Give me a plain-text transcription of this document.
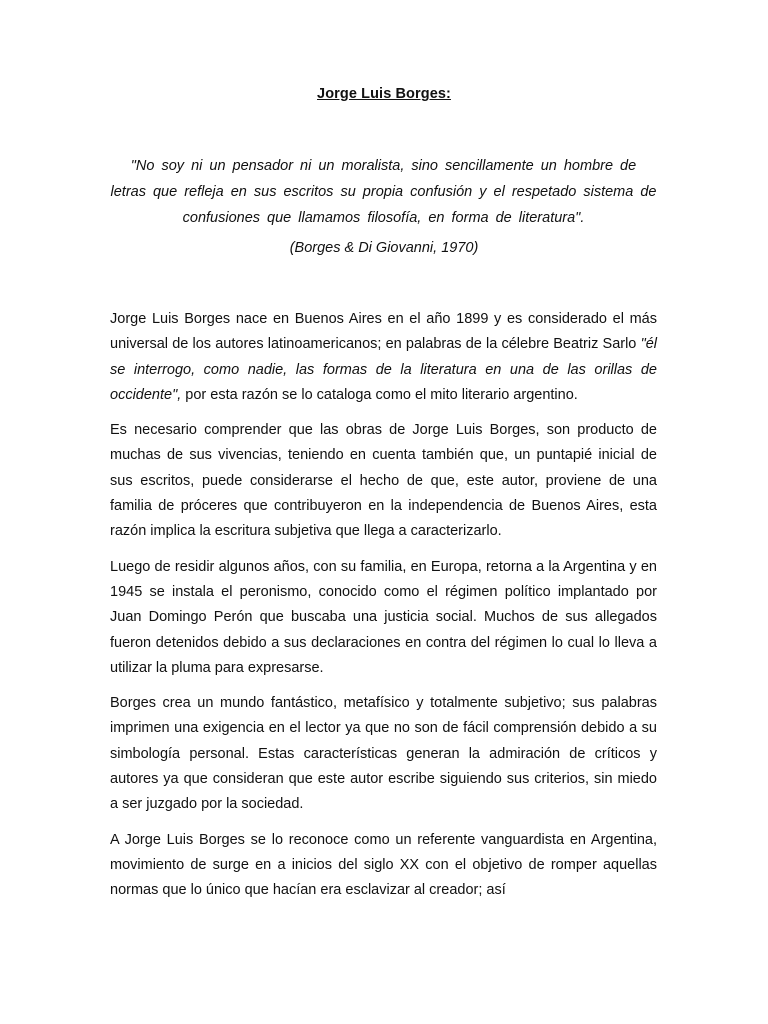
Jorge Luis Borges:
"No soy ni un pensador ni un moralista, sino sencillamente un hombre de letras que refleja en sus escritos su propia confusión y el respetado sistema de confusiones que llamamos filosofía, en forma de literatura".
(Borges & Di Giovanni, 1970)

Jorge Luis Borges nace en Buenos Aires en el año 1899 y es considerado el más universal de los autores latinoamericanos; en palabras de la célebre Beatriz Sarlo "él se interrogo, como nadie, las formas de la literatura en una de las orillas de occidente", por esta razón se lo cataloga como el mito literario argentino.

Es necesario comprender que las obras de Jorge Luis Borges, son producto de muchas de sus vivencias, teniendo en cuenta también que, un puntapié inicial de sus escritos, puede considerarse el hecho de que, este autor, proviene de una familia de próceres que contribuyeron en la independencia de Buenos Aires, esta razón implica la escritura subjetiva que llega a caracterizarlo.

Luego de residir algunos años, con su familia, en Europa, retorna a la Argentina y en 1945 se instala el peronismo, conocido como el régimen político implantado por Juan Domingo Perón que buscaba una justicia social. Muchos de sus allegados fueron detenidos debido a sus declaraciones en contra del régimen lo cual lo lleva a utilizar la pluma para expresarse.

Borges crea un mundo fantástico, metafísico y totalmente subjetivo; sus palabras imprimen una exigencia en el lector ya que no son de fácil comprensión debido a su simbología personal. Estas características generan la admiración de críticos y autores ya que consideran que este autor escribe siguiendo sus criterios, sin miedo a ser juzgado por la sociedad.

A Jorge Luis Borges se lo reconoce como un referente vanguardista en Argentina, movimiento de surge en a inicios del siglo XX con el objetivo de romper aquellas normas que lo único que hacían era esclavizar al creador; así
